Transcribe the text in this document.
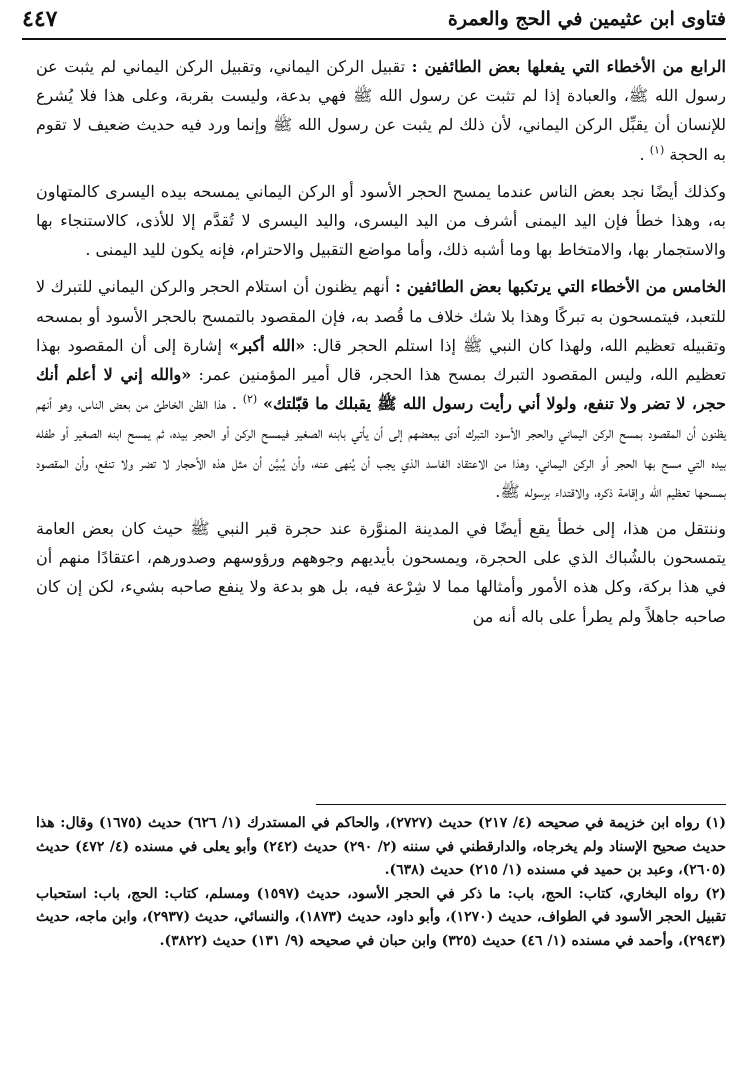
فتاوى ابن عثيمين في الحج والعمرة
٤٤٧

الرابع من الأخطاء التي يفعلها بعض الطائفين : تقبيل الركن اليماني، وتقبيل الركن اليماني لم يثبت عن رسول الله ﷺ، والعبادة إذا لم تثبت عن رسول الله ﷺ فهي بدعة، وليست بقربة، وعلى هذا فلا يُشرع للإنسان أن يقبِّل الركن اليماني، لأن ذلك لم يثبت عن رسول الله ﷺ وإنما ورد فيه حديث ضعيف لا تقوم به الحجة $^{(١)}$ .

وكذلك أيضًا نجد بعض الناس عندما يمسح الحجر الأسود أو الركن اليماني يمسحه بيده اليسرى كالمتهاون به، وهذا خطأ فإن اليد اليمنى أشرف من اليد اليسرى، واليد اليسرى لا تُقدَّم إلا للأذى، كالاستنجاء بها والاستجمار بها، والامتخاط بها وما أشبه ذلك، وأما مواضع التقبيل والاحترام، فإنه يكون لليد اليمنى .

الخامس من الأخطاء التي يرتكبها بعض الطائفين : أنهم يظنون أن استلام الحجر والركن اليماني للتبرك لا للتعبد، فيتمسحون به تبركًا وهذا بلا شك خلاف ما قُصد به، فإن المقصود بالتمسح بالحجر الأسود أو بمسحه وتقبيله تعظيم الله، ولهذا كان النبي ﷺ إذا استلم الحجر قال: «الله أكبر» إشارة إلى أن المقصود بهذا تعظيم الله، وليس المقصود التبرك بمسح هذا الحجر، قال أمير المؤمنين عمر: «والله إني لا أعلم أنك حجر، لا تضر ولا تنفع، ولولا أني رأيت رسول الله ﷺ يقبلك ما قبّلتك» $^{(٢)}$ . هذا الظن الخاطئ من بعض الناس، وهو أنهم يظنون أن المقصود بمسح الركن اليماني والحجر الأسود التبرك أدى ببعضهم إلى أن يأتي بابنه الصغير فيمسح الركن أو الحجر بيده، ثم يمسح ابنه الصغير أو طفله بيده التي مسح بها الحجر أو الركن اليماني، وهذا من الاعتقاد الفاسد الذي يجب أن يُنهى عنه، وأن يُبيَّن أن مثل هذه الأحجار لا تضر ولا تنفع، وأن المقصود بمسحها تعظيم الله وإقامة ذكره، والاقتداء برسوله ﷺ.

وننتقل من هذا، إلى خطأ يقع أيضًا في المدينة المنوَّرة عند حجرة قبر النبي ﷺ حيث كان بعض العامة يتمسحون بالشُباك الذي على الحجرة، ويمسحون بأيديهم وجوههم ورؤوسهم وصدورهم، اعتقادًا منهم أن في هذا بركة، وكل هذه الأمور وأمثالها مما لا شِرْعة فيه، بل هو بدعة ولا ينفع صاحبه بشيء، لكن إن كان صاحبه جاهلاً ولم يطرأ على باله أنه من

(١) رواه ابن خزيمة في صحيحه (٤/ ٢١٧) حديث (٢٧٢٧)، والحاكم في المستدرك (١/ ٦٢٦) حديث (١٦٧٥) وقال: هذا حديث صحيح الإسناد ولم يخرجاه، والدارقطني في سننه (٢/ ٢٩٠) حديث (٢٤٢) وأبو يعلى في مسنده (٤/ ٤٧٢) حديث (٢٦٠٥)، وعبد بن حميد في مسنده (١/ ٢١٥) حديث (٦٣٨).

(٢) رواه البخاري، كتاب: الحج، باب: ما ذكر في الحجر الأسود، حديث (١٥٩٧) ومسلم، كتاب: الحج، باب: استحباب تقبيل الحجر الأسود في الطواف، حديث (١٢٧٠)، وأبو داود، حديث (١٨٧٣)، والنسائي، حديث (٢٩٣٧)، وابن ماجه، حديث (٢٩٤٣)، وأحمد في مسنده (١/ ٤٦) حديث (٣٢٥) وابن حبان في صحيحه (٩/ ١٣١) حديث (٣٨٢٢).
